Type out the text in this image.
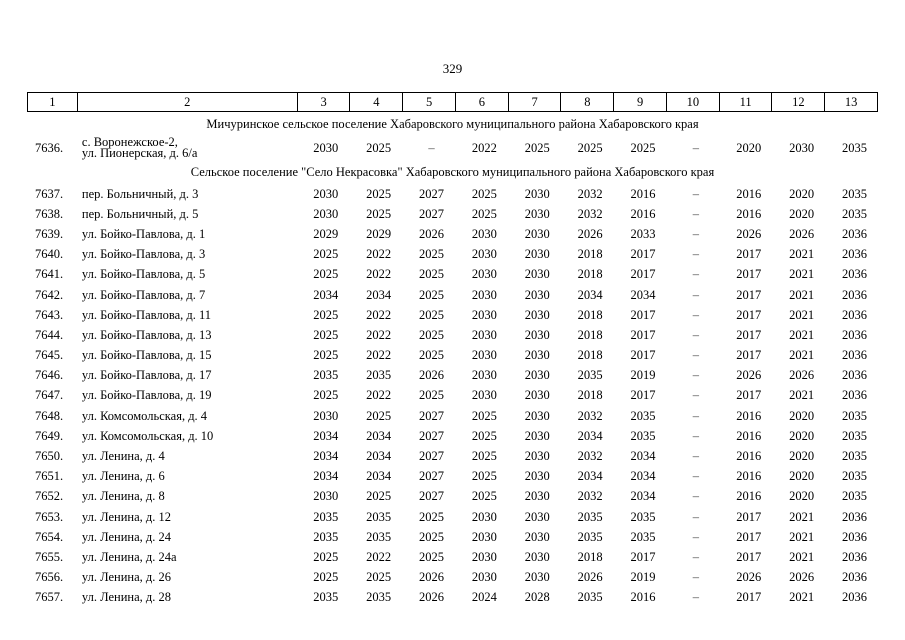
329
1	2	3	4	5	6	7	8	9	10	11	12	13
Мичуринское сельское поселение Хабаровского муниципального района Хабаровского края
7636.	с. Воронежское-2,
ул. Пионерская, д. 6/а	2030	2025	–	2022	2025	2025	2025	–	2020	2030	2035
Сельское поселение "Село Некрасовка" Хабаровского муниципального района Хабаровского края
7637.	пер. Больничный, д. 3	2030	2025	2027	2025	2030	2032	2016	–	2016	2020	2035
7638.	пер. Больничный, д. 5	2030	2025	2027	2025	2030	2032	2016	–	2016	2020	2035
7639.	ул. Бойко-Павлова, д. 1	2029	2029	2026	2030	2030	2026	2033	–	2026	2026	2036
7640.	ул. Бойко-Павлова, д. 3	2025	2022	2025	2030	2030	2018	2017	–	2017	2021	2036
7641.	ул. Бойко-Павлова, д. 5	2025	2022	2025	2030	2030	2018	2017	–	2017	2021	2036
7642.	ул. Бойко-Павлова, д. 7	2034	2034	2025	2030	2030	2034	2034	–	2017	2021	2036
7643.	ул. Бойко-Павлова, д. 11	2025	2022	2025	2030	2030	2018	2017	–	2017	2021	2036
7644.	ул. Бойко-Павлова, д. 13	2025	2022	2025	2030	2030	2018	2017	–	2017	2021	2036
7645.	ул. Бойко-Павлова, д. 15	2025	2022	2025	2030	2030	2018	2017	–	2017	2021	2036
7646.	ул. Бойко-Павлова, д. 17	2035	2035	2026	2030	2030	2035	2019	–	2026	2026	2036
7647.	ул. Бойко-Павлова, д. 19	2025	2022	2025	2030	2030	2018	2017	–	2017	2021	2036
7648.	ул. Комсомольская, д. 4	2030	2025	2027	2025	2030	2032	2035	–	2016	2020	2035
7649.	ул. Комсомольская, д. 10	2034	2034	2027	2025	2030	2034	2035	–	2016	2020	2035
7650.	ул. Ленина, д. 4	2034	2034	2027	2025	2030	2032	2034	–	2016	2020	2035
7651.	ул. Ленина, д. 6	2034	2034	2027	2025	2030	2034	2034	–	2016	2020	2035
7652.	ул. Ленина, д. 8	2030	2025	2027	2025	2030	2032	2034	–	2016	2020	2035
7653.	ул. Ленина, д. 12	2035	2035	2025	2030	2030	2035	2035	–	2017	2021	2036
7654.	ул. Ленина, д. 24	2035	2035	2025	2030	2030	2035	2035	–	2017	2021	2036
7655.	ул. Ленина, д. 24а	2025	2022	2025	2030	2030	2018	2017	–	2017	2021	2036
7656.	ул. Ленина, д. 26	2025	2025	2026	2030	2030	2026	2019	–	2026	2026	2036
7657.	ул. Ленина, д. 28	2035	2035	2026	2024	2028	2035	2016	–	2017	2021	2036
